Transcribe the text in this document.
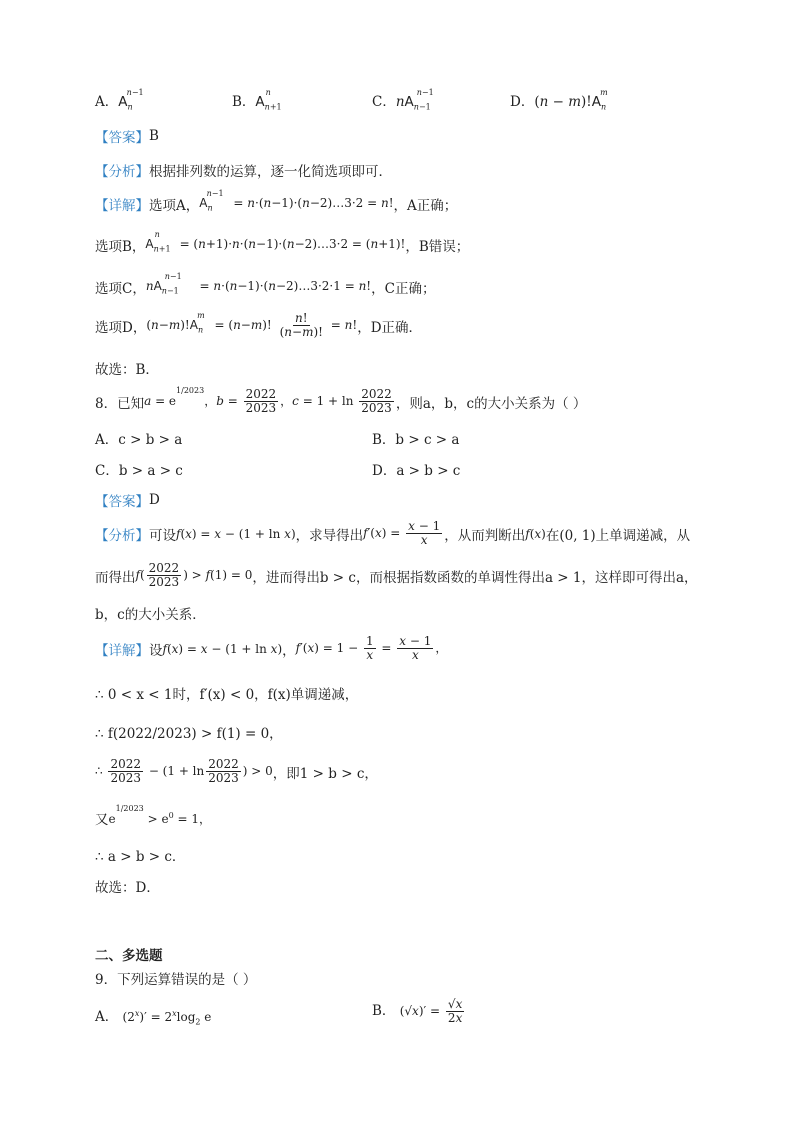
A．$A_n^{n-1}$
B．$A_{n+1}^n$
C．$nA_{n-1}^{n-1}$
D．$(n - m)!A_n^m$
【答案】 B
【分析】 根据排列数的运算，逐一化简选项即可．
【详解】 选项A， $A_n^{n-1}$ = n·(n−1)·(n−2)…3·2 = n! ，A正确；
选项B， $A_{n+1}^n$ = (n+1)·n·(n−1)·(n−2)…3·2 = (n+1)! ，B错误；
选项C， $nA_{n-1}^{n-1}$ = n·(n−1)·(n−2)…3·2·1 = n! ，C正确；
选项D， $(n-m)!A_n^m = (n-m)$! $\frac{n!}{(n-m)!} = n$! ，D正确．
故选：B．
8．已知 $a = e^{1/2023}$，$b = \frac{2022}{2023}$ ，$c = 1 + \ln \frac{2022}{2023}$ ，则a，b，c的大小关系为（ ）
A．c > b > a	B．b > c > a
C．b > a > c	D．a > b > c
【答案】 D
【分析】 可设 f(x) = x − (1 + ln x) ，求导得出 $f'(x) = \frac{x - 1}{x}$ ，从而判断出 f(x) 在(0, 1)上单调递减，从
而得出 $f( \frac{2022}{2023}$ ) > f(1) = 0 ，进而得出b > c，而根据指数函数的单调性得出a > 1，这样即可得出a，
b，c的大小关系．
【详解】 设 f(x) = x − (1 + ln x) ， $f'(x) = 1 - \frac{1}{x} = \frac{x - 1}{x}$ ，
∴ 0 < x < 1时，f′(x) < 0，f(x)单调递减，
∴ f(2022/2023) > f(1) = 0，
∴ $\frac{2022}{2023} - (1 + \ln \frac{2022}{2023}$ ) > 0 ，即1 > b > c，
又 $e^{1/2023} > e^0 = 1$，
∴ a > b > c．
故选：D．
二、多选题
9．下列运算错误的是（ ）
A． $(2^x)' = 2^x\log_2$ e	B． $(√x)' = \frac{√x}{2x}$
